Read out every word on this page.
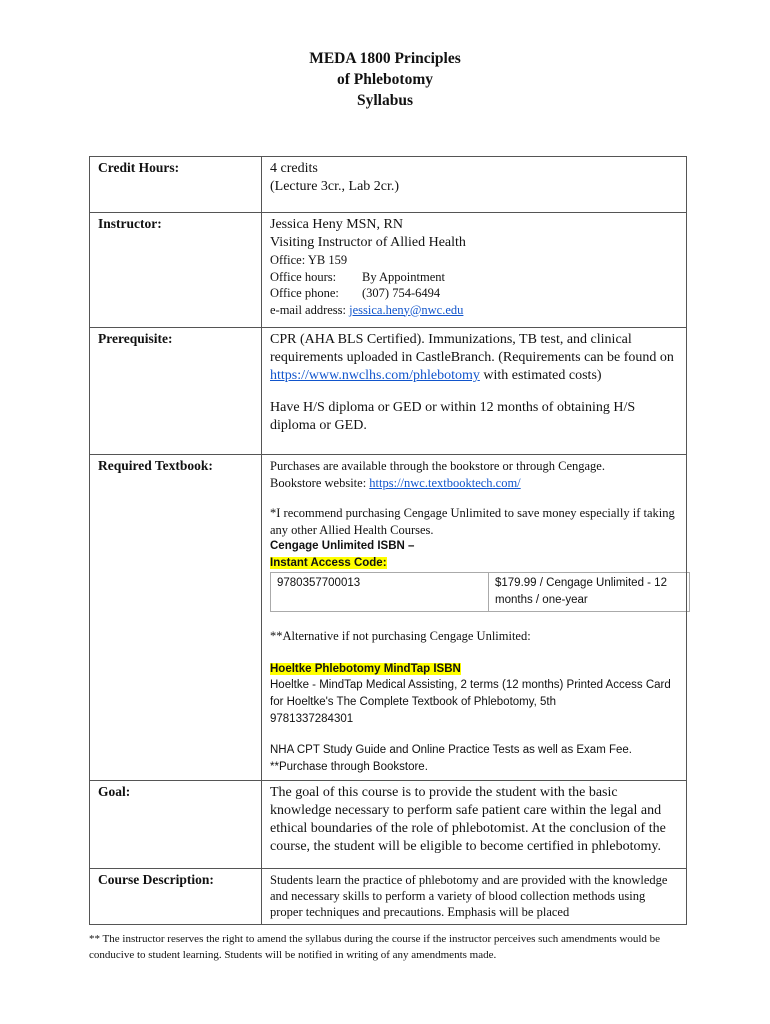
MEDA 1800 Principles
of Phlebotomy
Syllabus
Credit Hours:	4 credits
(Lecture 3cr., Lab 2cr.)

Instructor:	Jessica Heny MSN, RN
Visiting Instructor of Allied Health
Office: YB 159
Office hours: By Appointment
Office phone: (307) 754-6494
e-mail address: jessica.heny@nwc.edu

Prerequisite:	CPR (AHA BLS Certified). Immunizations, TB test, and clinical requirements uploaded in CastleBranch. (Requirements can be found on https://www.nwclhs.com/phlebotomy with estimated costs)
Have H/S diploma or GED or within 12 months of obtaining H/S diploma or GED.

Required Textbook:	Purchases are available through the bookstore or through Cengage.
Bookstore website: https://nwc.textbooktech.com/
*I recommend purchasing Cengage Unlimited to save money especially if taking any other Allied Health Courses.
Cengage Unlimited ISBN –
Instant Access Code:
9780357700013	$179.99 / Cengage Unlimited - 12 months / one-year
**Alternative if not purchasing Cengage Unlimited:
Hoeltke Phlebotomy MindTap ISBN
Hoeltke - MindTap Medical Assisting, 2 terms (12 months) Printed Access Card for Hoeltke's The Complete Textbook of Phlebotomy, 5th
9781337284301
NHA CPT Study Guide and Online Practice Tests as well as Exam Fee.
**Purchase through Bookstore.

Goal:	The goal of this course is to provide the student with the basic knowledge necessary to perform safe patient care within the legal and ethical boundaries of the role of phlebotomist. At the conclusion of the course, the student will be eligible to become certified in phlebotomy.
Course Description:	Students learn the practice of phlebotomy and are provided with the knowledge and necessary skills to perform a variety of blood collection methods using proper techniques and precautions. Emphasis will be placed
** The instructor reserves the right to amend the syllabus during the course if the instructor perceives such amendments would be conducive to student learning. Students will be notified in writing of any amendments made.
